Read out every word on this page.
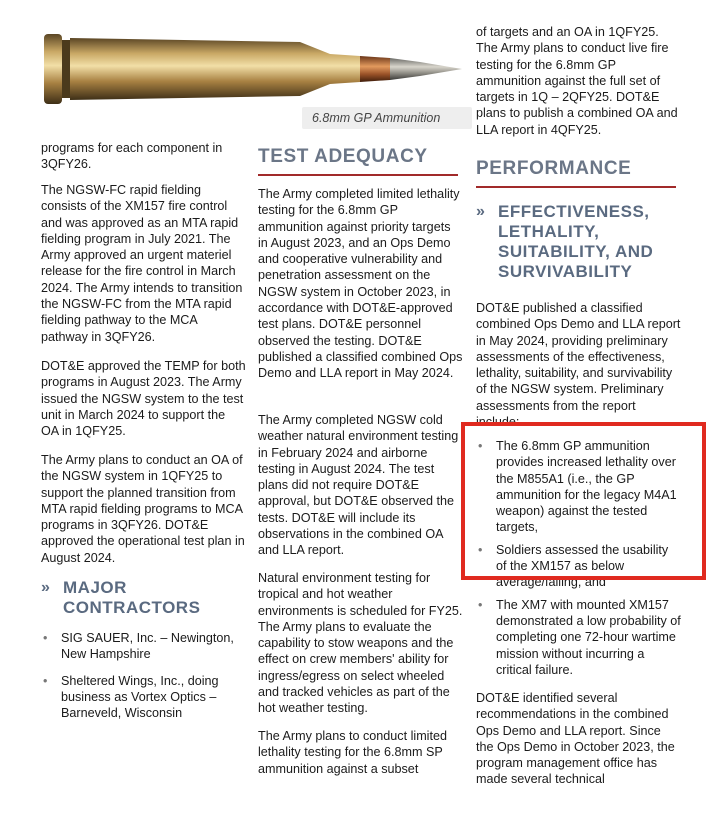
6.8mm GP Ammunition

programs for each component in 3QFY26.

The NGSW-FC rapid fielding consists of the XM157 fire control and was approved as an MTA rapid fielding program in July 2021. The Army approved an urgent materiel release for the fire control in March 2024. The Army intends to transition the NGSW-FC from the MTA rapid fielding pathway to the MCA pathway in 3QFY26.

DOT&E approved the TEMP for both programs in August 2023. The Army issued the NGSW system to the test unit in March 2024 to support the OA in 1QFY25.

The Army plans to conduct an OA of the NGSW system in 1QFY25 to support the planned transition from MTA rapid fielding programs to MCA programs in 3QFY26. DOT&E approved the operational test plan in August 2024.

» MAJOR
CONTRACTORS
• SIG SAUER, Inc. – Newington, New Hampshire
• Sheltered Wings, Inc., doing business as Vortex Optics – Barneveld, Wisconsin
TEST ADEQUACY

The Army completed limited lethality testing for the 6.8mm GP ammunition against priority targets in August 2023, and an Ops Demo and cooperative vulnerability and penetration assessment on the NGSW system in October 2023, in accordance with DOT&E-approved test plans. DOT&E personnel observed the testing. DOT&E published a classified combined Ops Demo and LLA report in May 2024.

The Army completed NGSW cold weather natural environment testing in February 2024 and airborne testing in August 2024. The test plans did not require DOT&E approval, but DOT&E observed the tests. DOT&E will include its observations in the combined OA and LLA report.

Natural environment testing for tropical and hot weather environments is scheduled for FY25. The Army plans to evaluate the capability to stow weapons and the effect on crew members' ability for ingress/egress on select wheeled and tracked vehicles as part of the hot weather testing.

The Army plans to conduct limited lethality testing for the 6.8mm SP ammunition against a subset

of targets and an OA in 1QFY25. The Army plans to conduct live fire testing for the 6.8mm GP ammunition against the full set of targets in 1Q – 2QFY25. DOT&E plans to publish a combined OA and LLA report in 4QFY25.

PERFORMANCE
» EFFECTIVENESS,
LETHALITY,
SUITABILITY, AND
SURVIVABILITY

DOT&E published a classified combined Ops Demo and LLA report in May 2024, providing preliminary assessments of the effectiveness, lethality, suitability, and survivability of the NGSW system. Preliminary assessments from the report include:

• The 6.8mm GP ammunition provides increased lethality over the M855A1 (i.e., the GP ammunition for the legacy M4A1 weapon) against the tested targets,
• Soldiers assessed the usability of the XM157 as below average/failing, and
• The XM7 with mounted XM157 demonstrated a low probability of completing one 72-hour wartime mission without incurring a critical failure.

DOT&E identified several recommendations in the combined Ops Demo and LLA report. Since the Ops Demo in October 2023, the program management office has made several technical
